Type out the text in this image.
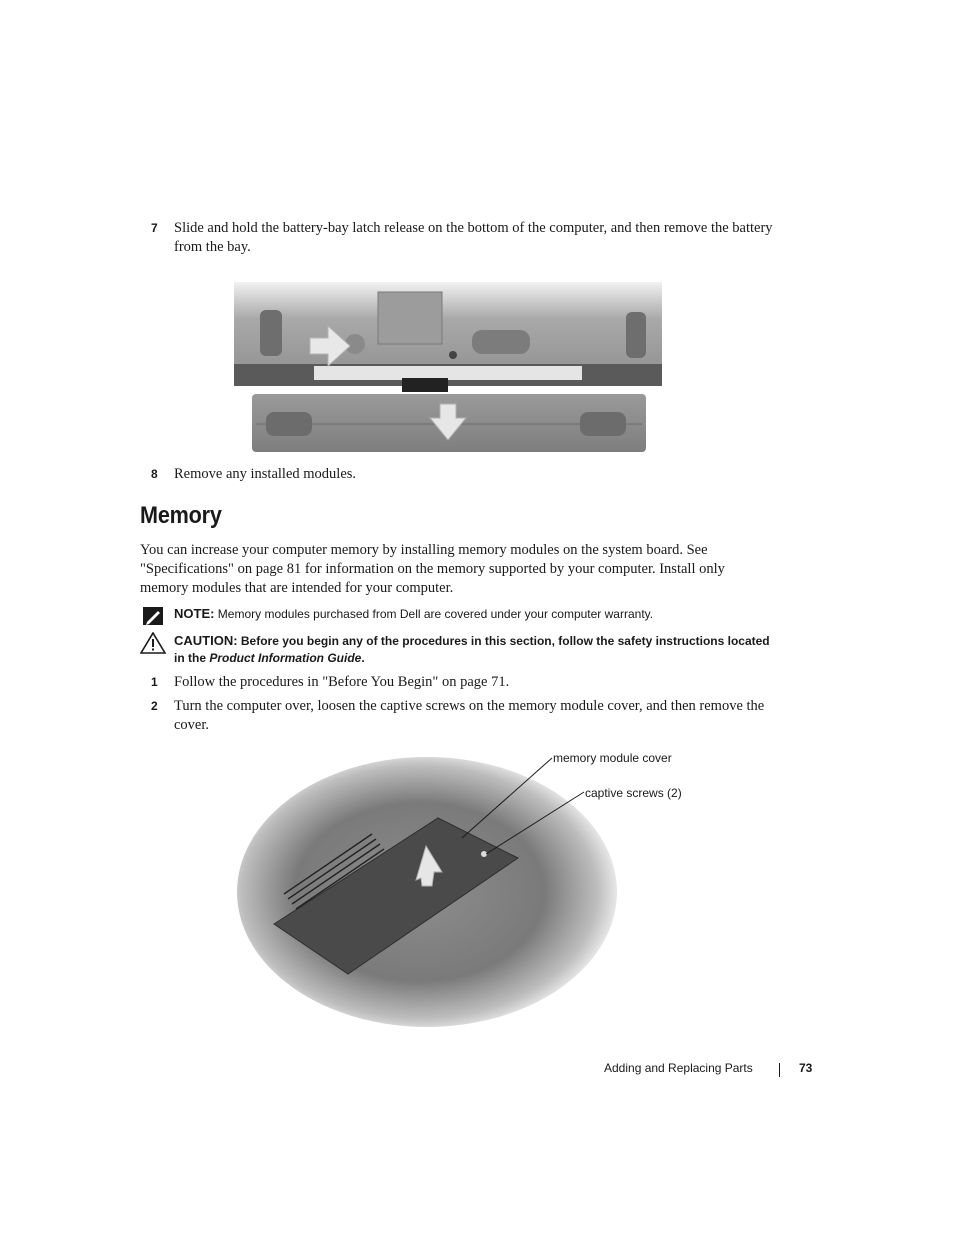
7 Slide and hold the battery-bay latch release on the bottom of the computer, and then remove the battery from the bay.
8 Remove any installed modules.
Memory

You can increase your computer memory by installing memory modules on the system board. See "Specifications" on page 81 for information on the memory supported by your computer. Install only memory modules that are intended for your computer.

NOTE: Memory modules purchased from Dell are covered under your computer warranty.
CAUTION: Before you begin any of the procedures in this section, follow the safety instructions located in the Product Information Guide.
1 Follow the procedures in "Before You Begin" on page 71.
2 Turn the computer over, loosen the captive screws on the memory module cover, and then remove the cover.
memory module cover
captive screws (2)
Adding and Replacing Parts	73
